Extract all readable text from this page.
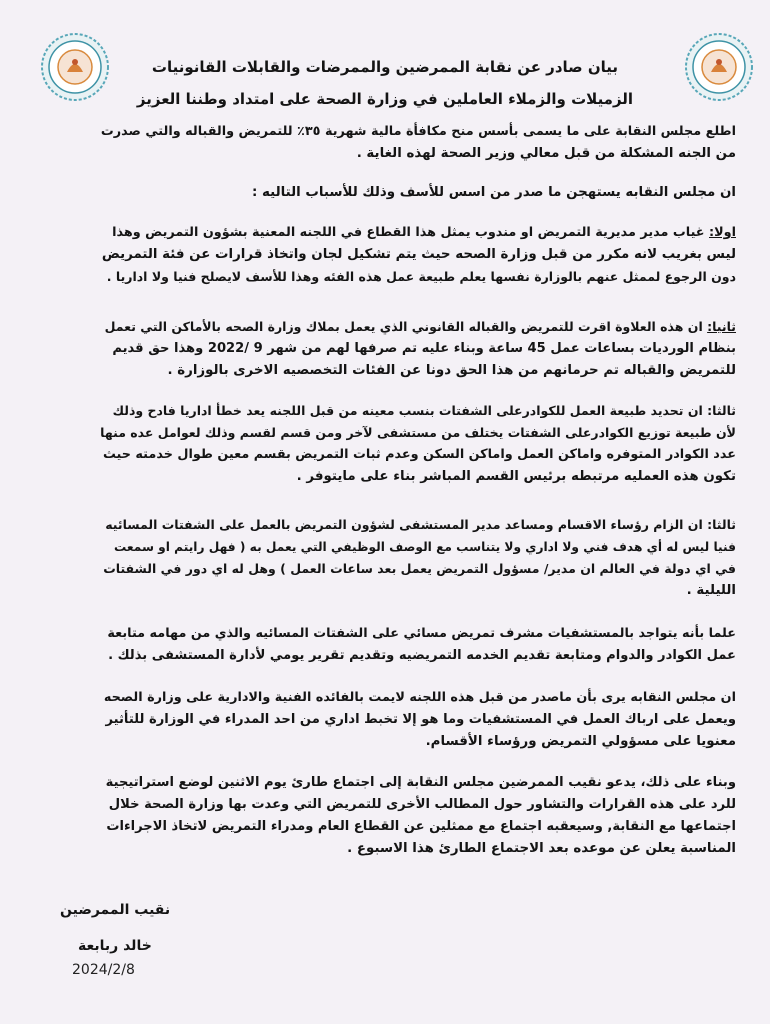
بيان صادر عن نقابة الممرضين والممرضات والقابلات القانونيات
الزميلات والزملاء العاملين في وزارة الصحة على امتداد وطننا العزيز

اطلع مجلس النقابة على ما يسمى بأسس منح مكافأة مالية شهرية ٣٥٪ للتمريض والقباله والتي صدرت

من الجنه المشكلة من قبل معالي وزير الصحة لهذه الغاية .

ان مجلس النقابه يستهجن ما صدر من اسس للأسف وذلك للأسباب التاليه :

اولا: غياب مدير مديرية التمريض او مندوب يمثل هذا القطاع في اللجنه المعنية بشؤون التمريض وهذا

ليس بغريب لانه مكرر من قبل وزارة الصحه حيث يتم تشكيل لجان واتخاذ قرارات عن فئة التمريض

دون الرجوع لممثل عنهم بالوزارة نفسها يعلم طبيعة عمل هذه الفئه وهذا للأسف لايصلح فنيا ولا اداريا .

ثانيا: ان هذه العلاوة اقرت للتمريض والقباله القانوني الذي يعمل بملاك وزارة الصحه بالأماكن التي تعمل

بنظام الورديات بساعات عمل 45 ساعة وبناء عليه تم صرفها لهم من شهر 9 /2022 وهذا حق قديم

للتمريض والقباله تم حرمانهم من هذا الحق دونا عن الفئات التخصصيه الاخرى بالوزارة .

ثالثا: ان تحديد طبيعة العمل للكوادرعلى الشفتات بنسب معينه من قبل اللجنه يعد خطأ اداريا فادح وذلك

لأن طبيعة توزيع الكوادرعلى الشفتات يختلف من مستشفى لآخر ومن قسم لقسم وذلك لعوامل عده منها

عدد الكوادر المتوفره واماكن العمل واماكن السكن وعدم ثبات التمريض بقسم معين طوال خدمته حيث

تكون هذه العمليه مرتبطه برئيس القسم المباشر بناء على مايتوفر .

ثالثا: ان الزام رؤساء الاقسام ومساعد مدير المستشفى لشؤون التمريض بالعمل على الشفتات المسائيه

فنيا ليس له أي هدف فني ولا اداري ولا يتناسب مع الوصف الوظيفي التي يعمل به ( فهل رايتم او سمعت

في اي دولة في العالم ان مدير/ مسؤول التمريض يعمل بعد ساعات العمل ) وهل له اي دور في الشفتات

الليلية .

علما بأنه يتواجد بالمستشفيات مشرف تمريض مسائي على الشفتات المسائيه والذي من مهامه متابعة

عمل الكوادر والدوام ومتابعة تقديم الخدمه التمريضيه وتقديم تقرير يومي لأدارة المستشفى بذلك .

ان مجلس النقابه يرى بأن ماصدر من قبل هذه اللجنه لايمت بالفائده الفنية والادارية على وزارة الصحه

ويعمل على ارباك العمل في المستشفيات وما هو إلا تخبط اداري من احد المدراء في الوزارة للتأثير

معنويا على مسؤولي التمريض ورؤساء الأقسام.

وبناء على ذلك، يدعو نقيب الممرضين مجلس النقابة إلى اجتماع طارئ يوم الاثنين لوضع استراتيجية

للرد على هذه القرارات والتشاور حول المطالب الأخرى للتمريض التي وعدت بها وزارة الصحة خلال

اجتماعها مع النقابة, وسيعقبه اجتماع مع ممثلين عن القطاع العام ومدراء التمريض لاتخاذ الاجراءات

المناسبة يعلن عن موعده بعد الاجتماع الطارئ هذا الاسبوع .

نقيب الممرضين
خالد ربابعة
2024/2/8
